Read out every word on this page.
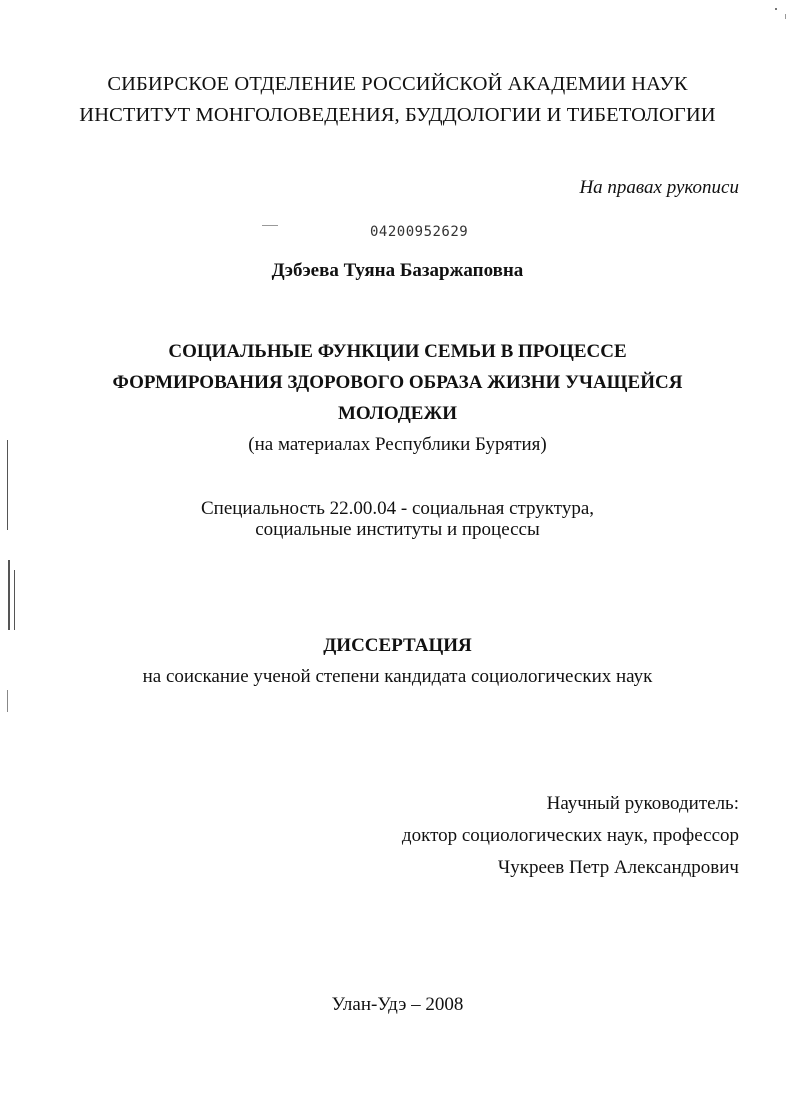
СИБИРСКОЕ ОТДЕЛЕНИЕ РОССИЙСКОЙ АКАДЕМИИ НАУК
ИНСТИТУТ МОНГОЛОВЕДЕНИЯ, БУДДОЛОГИИ И ТИБЕТОЛОГИИ
На правах рукописи
04200952629
Дэбэева Туяна Базаржаповна
СОЦИАЛЬНЫЕ ФУНКЦИИ СЕМЬИ В ПРОЦЕССЕ
ФОРМИРОВАНИЯ ЗДОРОВОГО ОБРАЗА ЖИЗНИ УЧАЩЕЙСЯ
МОЛОДЕЖИ
(на материалах Республики Бурятия)
Специальность 22.00.04 - социальная структура,
социальные институты и процессы
ДИССЕРТАЦИЯ
на соискание ученой степени кандидата социологических наук
Научный руководитель:
доктор социологических наук, профессор
Чукреев Петр Александрович
Улан-Удэ – 2008
